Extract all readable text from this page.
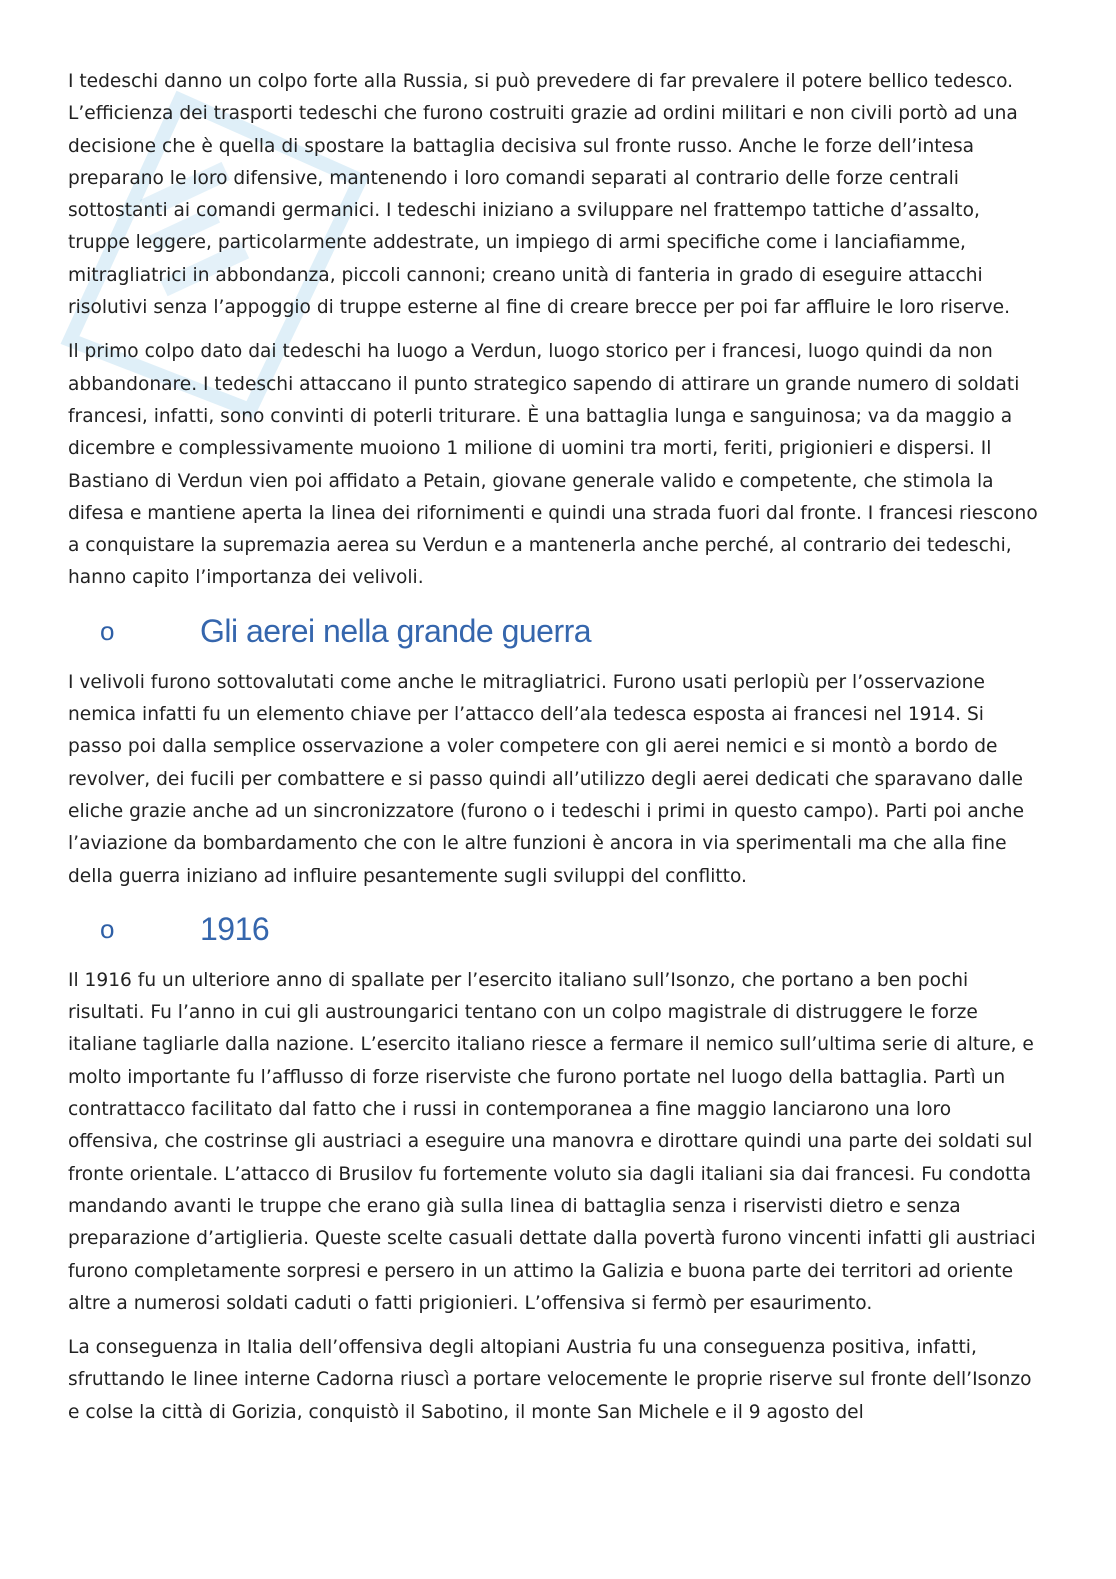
I tedeschi danno un colpo forte alla Russia, si può prevedere di far prevalere il potere bellico tedesco. L’efficienza dei trasporti tedeschi che furono costruiti grazie ad ordini militari e non civili portò ad una decisione che è quella di spostare la battaglia decisiva sul fronte russo. Anche le forze dell’intesa preparano le loro difensive, mantenendo i loro comandi separati al contrario delle forze centrali sottostanti ai comandi germanici. I tedeschi iniziano a sviluppare nel frattempo tattiche d’assalto, truppe leggere, particolarmente addestrate, un impiego di armi specifiche come i lanciafiamme, mitragliatrici in abbondanza, piccoli cannoni; creano unità di fanteria in grado di eseguire attacchi risolutivi senza l’appoggio di truppe esterne al fine di creare brecce per poi far affluire le loro riserve.

Il primo colpo dato dai tedeschi ha luogo a Verdun, luogo storico per i francesi, luogo quindi da non abbandonare. I tedeschi attaccano il punto strategico sapendo di attirare un grande numero di soldati francesi, infatti, sono convinti di poterli triturare. È una battaglia lunga e sanguinosa; va da maggio a dicembre e complessivamente muoiono 1 milione di uomini tra morti, feriti, prigionieri e dispersi. Il Bastiano di Verdun vien poi affidato a Petain, giovane generale valido e competente, che stimola la difesa e mantiene aperta la linea dei rifornimenti e quindi una strada fuori dal fronte. I francesi riescono a conquistare la supremazia aerea su Verdun e a mantenerla anche perché, al contrario dei tedeschi, hanno capito l’importanza dei velivoli.

o	Gli aerei nella grande guerra

I velivoli furono sottovalutati come anche le mitragliatrici. Furono usati perlopiù per l’osservazione nemica infatti fu un elemento chiave per l’attacco dell’ala tedesca esposta ai francesi nel 1914. Si passo poi dalla semplice osservazione a voler competere con gli aerei nemici e si montò a bordo de revolver, dei fucili per combattere e si passo quindi all’utilizzo degli aerei dedicati che sparavano dalle eliche grazie anche ad un sincronizzatore (furono o i tedeschi i primi in questo campo). Parti poi anche l’aviazione da bombardamento che con le altre funzioni è ancora in via sperimentali ma che alla fine della guerra iniziano ad influire pesantemente sugli sviluppi del conflitto.

o	1916

Il 1916 fu un ulteriore anno di spallate per l’esercito italiano sull’Isonzo, che portano a ben pochi risultati. Fu l’anno in cui gli austroungarici tentano con un colpo magistrale di distruggere le forze italiane tagliarle dalla nazione. L’esercito italiano riesce a fermare il nemico sull’ultima serie di alture, e molto importante fu l’afflusso di forze riserviste che furono portate nel luogo della battaglia. Partì un contrattacco facilitato dal fatto che i russi in contemporanea a fine maggio lanciarono una loro offensiva, che costrinse gli austriaci a eseguire una manovra e dirottare quindi una parte dei soldati sul fronte orientale. L’attacco di Brusilov fu fortemente voluto sia dagli italiani sia dai francesi. Fu condotta mandando avanti le truppe che erano già sulla linea di battaglia senza i riservisti dietro e senza preparazione d’artiglieria. Queste scelte casuali dettate dalla povertà furono vincenti infatti gli austriaci furono completamente sorpresi e persero in un attimo la Galizia e buona parte dei territori ad oriente altre a numerosi soldati caduti o fatti prigionieri. L’offensiva si fermò per esaurimento.

La conseguenza in Italia dell’offensiva degli altopiani Austria fu una conseguenza positiva, infatti, sfruttando le linee interne Cadorna riuscì a portare velocemente le proprie riserve sul fronte dell’Isonzo e colse la città di Gorizia, conquistò il Sabotino, il monte San Michele e il 9 agosto del
